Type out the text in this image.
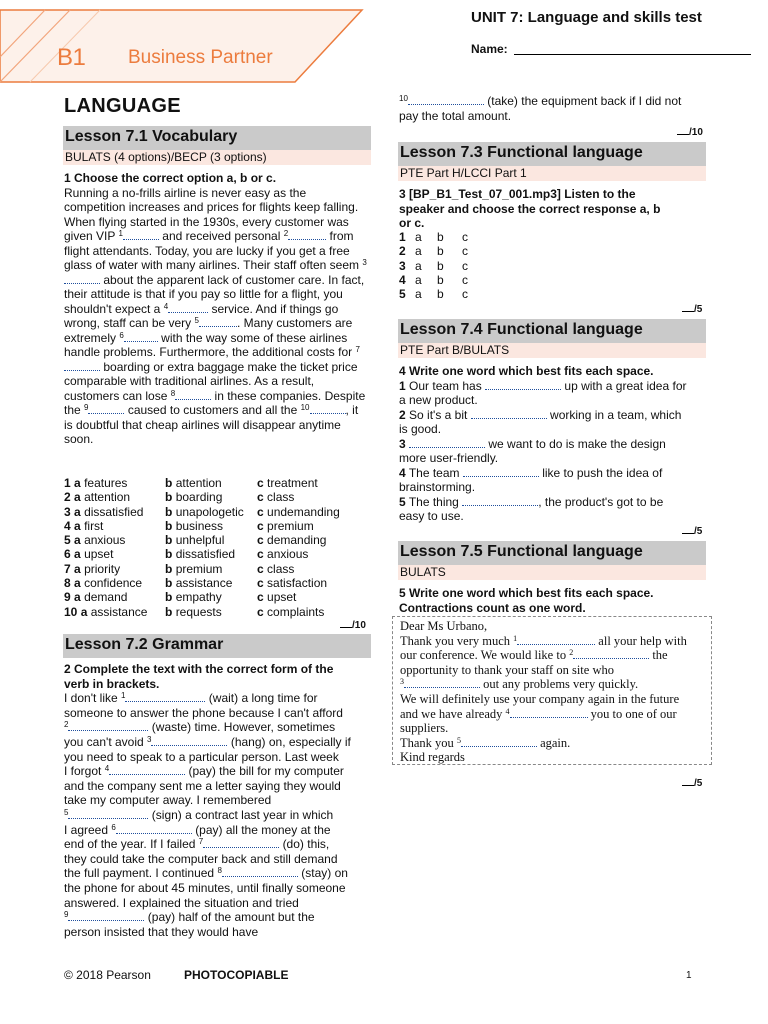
B1 Business Partner
UNIT 7: Language and skills test
Name:
LANGUAGE
Lesson 7.1 Vocabulary
BULATS (4 options)/BECP (3 options)
1 Choose the correct option a, b or c.
Running a no-frills airline is never easy as the competition increases and prices for flights keep falling. When flying started in the 1930s, every customer was given VIP $^1$	and received personal $^2$	from flight attendants. Today, you are lucky if you get a free glass of water with many airlines. Their staff often seem $^3$ about the apparent lack of customer care. In fact, their attitude is that if you pay so little for a flight, you shouldn't expect a $^4$	service. And if things go wrong, staff can be very $^5$	. Many customers are extremely $^6$	with the way some of these airlines handle problems. Furthermore, the additional costs for $^7$ boarding or extra baggage make the ticket price comparable with traditional airlines. As a result, customers can lose $^8$	in these companies. Despite the $^9$	caused to customers and all the $^{10}$	, it is doubtful that cheap airlines will disappear anytime soon.
1 a features	b attention	c treatment
2 a attention	b boarding	c class
3 a dissatisfied	b unapologetic	c undemanding
4 a first	b business	c premium
5 a anxious	b unhelpful	c demanding
6 a upset	b dissatisfied	c anxious
7 a priority	b premium	c class
8 a confidence	b assistance	c satisfaction
9 a demand	b empathy	c upset
10 a assistance	b requests	c complaints
/10
Lesson 7.2 Grammar
2 Complete the text with the correct form of the
verb in brackets.
I don't like $^1$	(wait) a long time for
someone to answer the phone because I can't afford
$^2$	(waste) time. However, sometimes
you can't avoid $^3$	(hang) on, especially if
you need to speak to a particular person. Last week
I forgot $^4$	(pay) the bill for my computer
and the company sent me a letter saying they would
take my computer away. I remembered
$^5$	(sign) a contract last year in which
I agreed $^6$	(pay) all the money at the
end of the year. If I failed $^7$	(do) this,
they could take the computer back and still demand
the full payment. I continued $^8$	(stay) on
the phone for about 45 minutes, until finally someone
answered. I explained the situation and tried
$^9$	(pay) half of the amount but the
person insisted that they would have
$^{10}$	(take) the equipment back if I did not
pay the total amount.
/10
Lesson 7.3 Functional language
PTE Part H/LCCI Part 1
3 [BP_B1_Test_07_001.mp3] Listen to the
speaker and choose the correct response a, b
or c.
1	a	b	c
2	a	b	c
3	a	b	c
4	a	b	c
5	a	b	c
/5
Lesson 7.4 Functional language
PTE Part B/BULATS
4 Write one word which best fits each space.
1 Our team has	up with a great idea for
a new product.
2 So it's a bit	working in a team, which
is good.
3	we want to do is make the design
more user-friendly.
4 The team	like to push the idea of
brainstorming.
5 The thing	, the product's got to be
easy to use.
/5
Lesson 7.5 Functional language
BULATS
5 Write one word which best fits each space.
Contractions count as one word.
Dear Ms Urbano,
Thank you very much $^1$	all your help with
our conference. We would like to $^2$	the
opportunity to thank your staff on site who
$^3$	out any problems very quickly.
We will definitely use your company again in the future
and we have already $^4$	you to one of our
suppliers.
Thank you $^5$	again.
Kind regards
/5
© 2018 Pearson	PHOTOCOPIABLE	1
